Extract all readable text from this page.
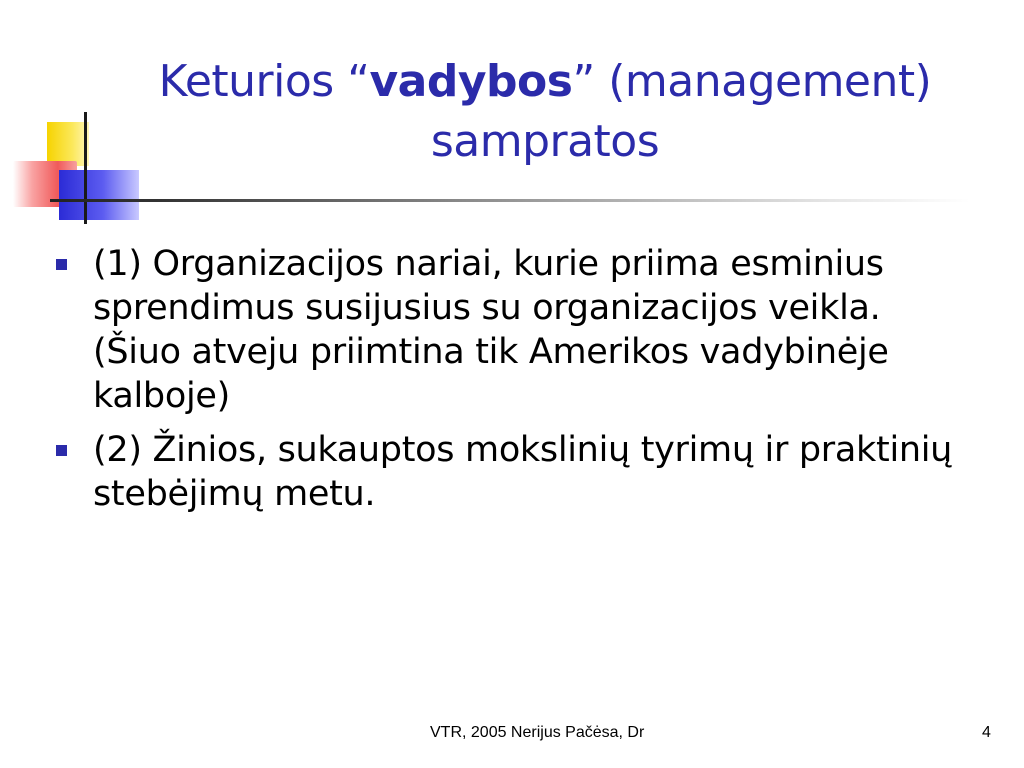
Keturios “vadybos” (management)
sampratos
(1) Organizacijos nariai, kurie priima esminius sprendimus susijusius su organizacijos veikla. (Šiuo atveju priimtina tik Amerikos vadybinėje kalboje)
(2) Žinios, sukauptos mokslinių tyrimų ir praktinių stebėjimų metu.
VTR, 2005 Nerijus Pačėsa, Dr	4
